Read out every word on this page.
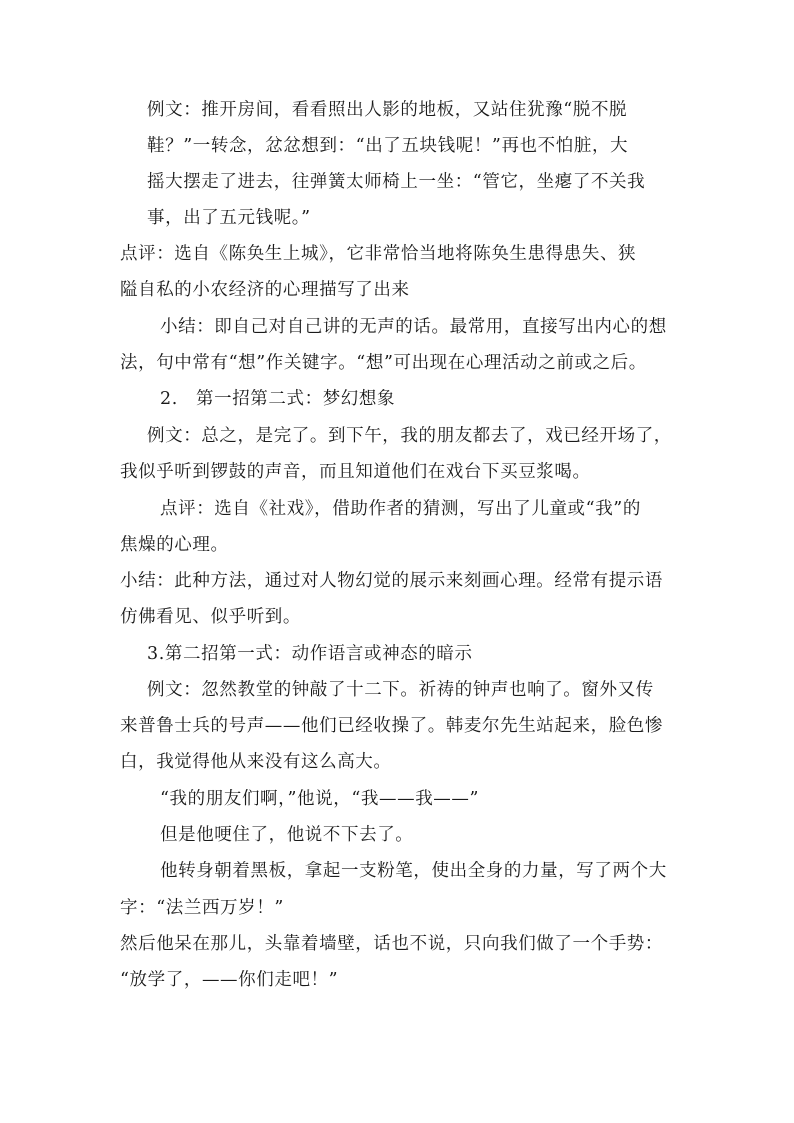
例文：推开房间，看看照出人影的地板，又站住犹豫“脱不脱
鞋？”一转念，忿忿想到：“出了五块钱呢！”再也不怕脏，大
摇大摆走了进去，往弹簧太师椅上一坐：“管它，坐瘪了不关我
事，出了五元钱呢。”
点评：选自《陈奂生上城》，它非常恰当地将陈奂生患得患失、狭
隘自私的小农经济的心理描写了出来
小结：即自己对自己讲的无声的话。最常用，直接写出内心的想
法，句中常有“想”作关键字。“想”可出现在心理活动之前或之后。
2.　第一招第二式：梦幻想象
例文：总之，是完了。到下午，我的朋友都去了，戏已经开场了，
我似乎听到锣鼓的声音，而且知道他们在戏台下买豆浆喝。
点评：选自《社戏》，借助作者的猜测，写出了儿童或“我”的
焦燥的心理。
小结：此种方法，通过对人物幻觉的展示来刻画心理。经常有提示语
仿佛看见、似乎听到。
3.第二招第一式：动作语言或神态的暗示
例文：忽然教堂的钟敲了十二下。祈祷的钟声也响了。窗外又传
来普鲁士兵的号声——他们已经收操了。韩麦尔先生站起来，脸色惨
白，我觉得他从来没有这么高大。
“我的朋友们啊，”他说，“我——我——”
但是他哽住了，他说不下去了。
他转身朝着黑板，拿起一支粉笔，使出全身的力量，写了两个大
字：“法兰西万岁！”
然后他呆在那儿，头靠着墙壁，话也不说，只向我们做了一个手势：
“放学了，——你们走吧！”
